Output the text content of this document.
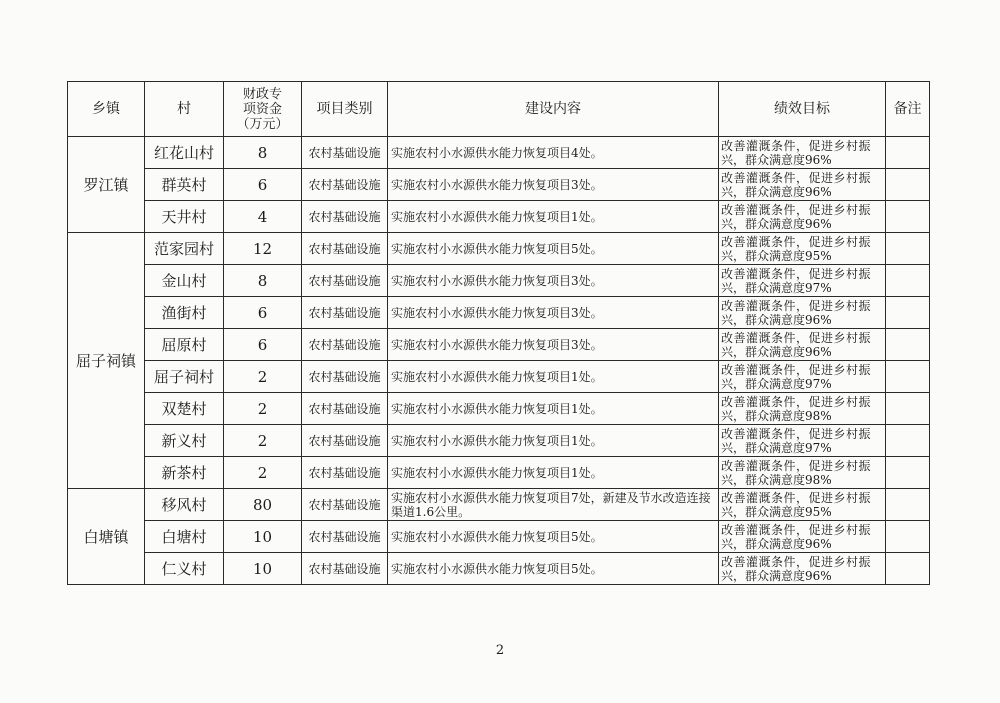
乡镇	村	财政专
项资金
（万元）	项目类别	建设内容	绩效目标	备注
罗江镇	红花山村	8	农村基础设施	实施农村小水源供水能力恢复项目4处。	改善灌溉条件，促进乡村振
兴，群众满意度96%	

	群英村	6	农村基础设施	实施农村小水源供水能力恢复项目3处。	改善灌溉条件，促进乡村振
兴，群众满意度96%	

	天井村	4	农村基础设施	实施农村小水源供水能力恢复项目1处。	改善灌溉条件，促进乡村振
兴，群众满意度96%	

屈子祠镇	范家园村	12	农村基础设施	实施农村小水源供水能力恢复项目5处。	改善灌溉条件，促进乡村振
兴，群众满意度95%	

	金山村	8	农村基础设施	实施农村小水源供水能力恢复项目3处。	改善灌溉条件，促进乡村振
兴，群众满意度97%	

	渔街村	6	农村基础设施	实施农村小水源供水能力恢复项目3处。	改善灌溉条件，促进乡村振
兴，群众满意度96%	

	屈原村	6	农村基础设施	实施农村小水源供水能力恢复项目3处。	改善灌溉条件，促进乡村振
兴，群众满意度96%	

	屈子祠村	2	农村基础设施	实施农村小水源供水能力恢复项目1处。	改善灌溉条件，促进乡村振
兴，群众满意度97%	

	双楚村	2	农村基础设施	实施农村小水源供水能力恢复项目1处。	改善灌溉条件，促进乡村振
兴，群众满意度98%	

	新义村	2	农村基础设施	实施农村小水源供水能力恢复项目1处。	改善灌溉条件，促进乡村振
兴，群众满意度97%	

	新茶村	2	农村基础设施	实施农村小水源供水能力恢复项目1处。	改善灌溉条件，促进乡村振
兴，群众满意度98%	

白塘镇	移风村	80	农村基础设施	实施农村小水源供水能力恢复项目7处，新建及节水改造连接渠道1.6公里。	改善灌溉条件，促进乡村振
兴，群众满意度95%	

	白塘村	10	农村基础设施	实施农村小水源供水能力恢复项目5处。	改善灌溉条件，促进乡村振
兴，群众满意度96%	

	仁义村	10	农村基础设施	实施农村小水源供水能力恢复项目5处。	改善灌溉条件，促进乡村振
兴，群众满意度96%	

2
